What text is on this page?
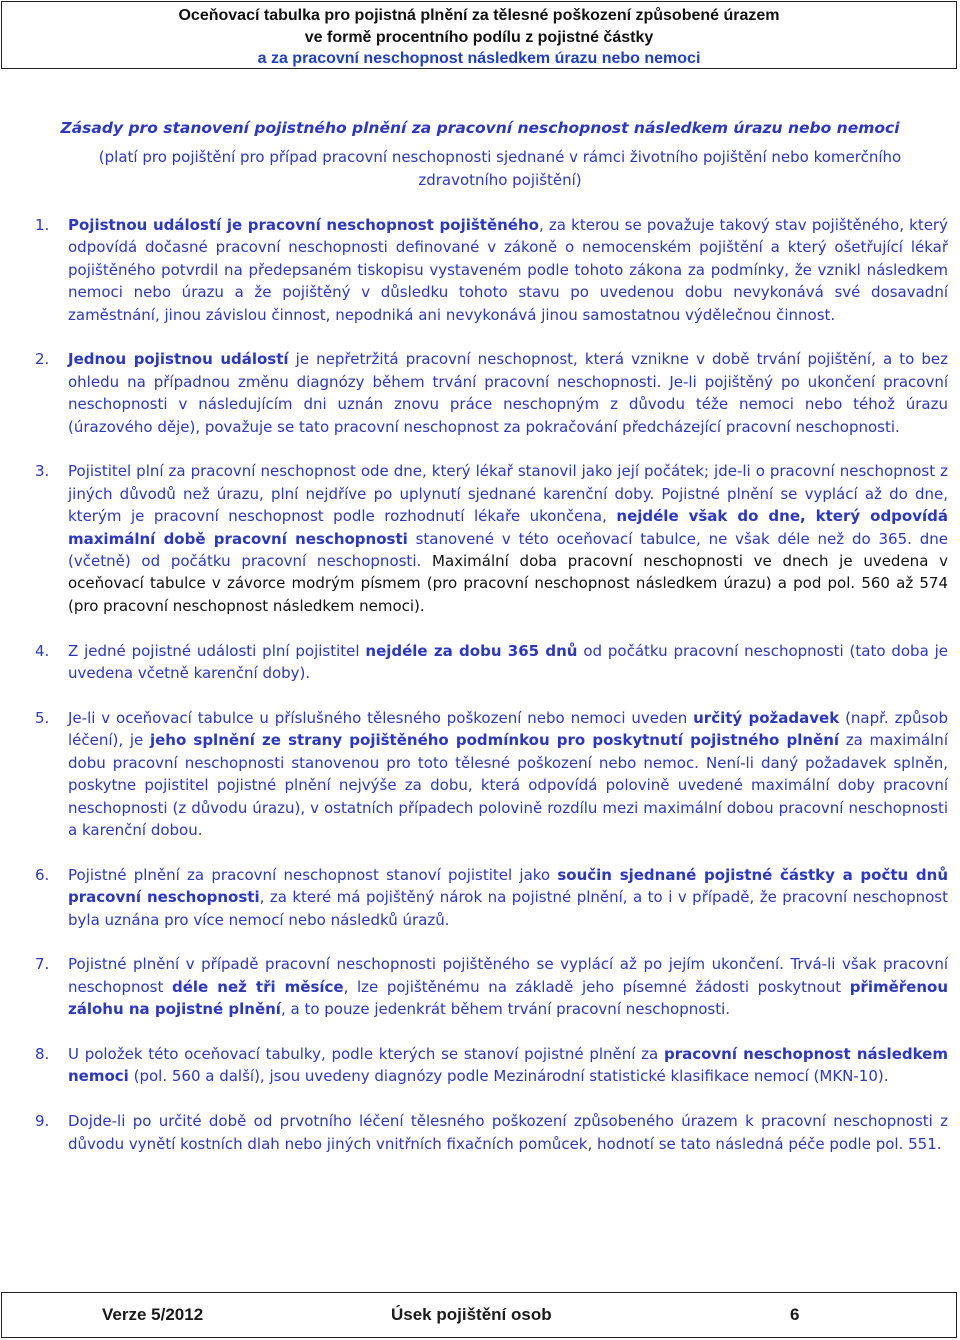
Oceňovací tabulka pro pojistná plnění za tělesné poškození způsobené úrazem
ve formě procentního podílu z pojistné částky
a za pracovní neschopnost následkem úrazu nebo nemoci
Zásady pro stanovení pojistného plnění za pracovní neschopnost následkem úrazu nebo nemoci
(platí pro pojištění pro případ pracovní neschopnosti sjednané v rámci životního pojištění nebo komerčního zdravotního pojištění)
1. Pojistnou událostí je pracovní neschopnost pojištěného, za kterou se považuje takový stav pojištěného, který odpovídá dočasné pracovní neschopnosti definované v zákoně o nemocenském pojištění a který ošetřující lékař pojištěného potvrdil na předepsaném tiskopisu vystaveném podle tohoto zákona za podmínky, že vznikl následkem nemoci nebo úrazu a že pojištěný v důsledku tohoto stavu po uvedenou dobu nevykonává své dosavadní zaměstnání, jinou závislou činnost, nepodniká ani nevykonává jinou samostatnou výdělečnou činnost.
2. Jednou pojistnou událostí je nepřetržitá pracovní neschopnost, která vznikne v době trvání pojištění, a to bez ohledu na případnou změnu diagnózy během trvání pracovní neschopnosti. Je-li pojištěný po ukončení pracovní neschopnosti v následujícím dni uznán znovu práce neschopným z důvodu téže nemoci nebo téhož úrazu (úrazového děje), považuje se tato pracovní neschopnost za pokračování předcházející pracovní neschopnosti.
3. Pojistitel plní za pracovní neschopnost ode dne, který lékař stanovil jako její počátek; jde-li o pracovní neschopnost z jiných důvodů než úrazu, plní nejdříve po uplynutí sjednané karenční doby. Pojistné plnění se vyplácí až do dne, kterým je pracovní neschopnost podle rozhodnutí lékaře ukončena, nejdéle však do dne, který odpovídá maximální době pracovní neschopnosti stanovené v této oceňovací tabulce, ne však déle než do 365. dne (včetně) od počátku pracovní neschopnosti. Maximální doba pracovní neschopnosti ve dnech je uvedena v oceňovací tabulce v závorce modrým písmem (pro pracovní neschopnost následkem úrazu) a pod pol. 560 až 574 (pro pracovní neschopnost následkem nemoci).
4. Z jedné pojistné události plní pojistitel nejdéle za dobu 365 dnů od počátku pracovní neschopnosti (tato doba je uvedena včetně karenční doby).
5. Je-li v oceňovací tabulce u příslušného tělesného poškození nebo nemoci uveden určitý požadavek (např. způsob léčení), je jeho splnění ze strany pojištěného podmínkou pro poskytnutí pojistného plnění za maximální dobu pracovní neschopnosti stanovenou pro toto tělesné poškození nebo nemoc. Není-li daný požadavek splněn, poskytne pojistitel pojistné plnění nejvýše za dobu, která odpovídá polovině uvedené maximální doby pracovní neschopnosti (z důvodu úrazu), v ostatních případech polovině rozdílu mezi maximální dobou pracovní neschopnosti a karenční dobou.
6. Pojistné plnění za pracovní neschopnost stanoví pojistitel jako součin sjednané pojistné částky a počtu dnů pracovní neschopnosti, za které má pojištěný nárok na pojistné plnění, a to i v případě, že pracovní neschopnost byla uznána pro více nemocí nebo následků úrazů.
7. Pojistné plnění v případě pracovní neschopnosti pojištěného se vyplácí až po jejím ukončení. Trvá-li však pracovní neschopnost déle než tři měsíce, lze pojištěnému na základě jeho písemné žádosti poskytnout přiměřenou zálohu na pojistné plnění, a to pouze jedenkrát během trvání pracovní neschopnosti.
8. U položek této oceňovací tabulky, podle kterých se stanoví pojistné plnění za pracovní neschopnost následkem nemoci (pol. 560 a další), jsou uvedeny diagnózy podle Mezinárodní statistické klasifikace nemocí (MKN-10).
9. Dojde-li po určité době od prvotního léčení tělesného poškození způsobeného úrazem k pracovní neschopnosti z důvodu vynětí kostních dlah nebo jiných vnitřních fixačních pomůcek, hodnotí se tato následná péče podle pol. 551.
Verze 5/2012	Úsek pojištění osob	6
